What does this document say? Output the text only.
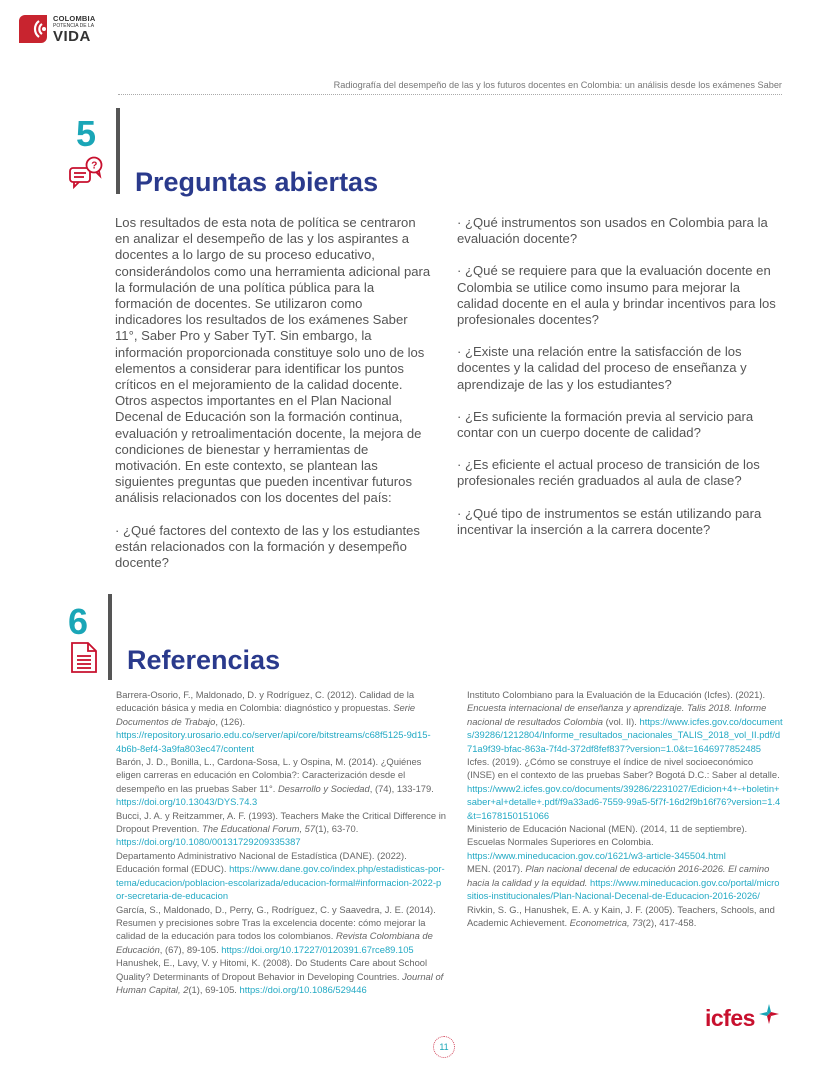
COLOMBIA
POTENCIA DE LA
VIDA
Radiografía del desempeño de las y los futuros docentes en Colombia: un análisis desde los exámenes Saber
5
?
Preguntas abiertas

Los resultados de esta nota de política se centraron en analizar el desempeño de las y los aspirantes a docentes a lo largo de su proceso educativo, considerándolos como una herramienta adicional para la formulación de una política pública para la formación de docentes. Se utilizaron como indicadores los resultados de los exámenes Saber 11°, Saber Pro y Saber TyT. Sin embargo, la información proporcionada constituye solo uno de los elementos a considerar para identificar los puntos críticos en el mejoramiento de la calidad docente. Otros aspectos importantes en el Plan Nacional Decenal de Educación son la formación continua, evaluación y retroalimentación docente, la mejora de condiciones de bienestar y herramientas de motivación. En este contexto, se plantean las siguientes preguntas que pueden incentivar futuros análisis relacionados con los docentes del país:

· ¿Qué factores del contexto de las y los estudiantes están relacionados con la formación y desempeño docente?

· ¿Qué instrumentos son usados en Colombia para la evaluación docente?

· ¿Qué se requiere para que la evaluación docente en Colombia se utilice como insumo para mejorar la calidad docente en el aula y brindar incentivos para los profesionales docentes?

· ¿Existe una relación entre la satisfacción de los docentes y la calidad del proceso de enseñanza y aprendizaje de las y los estudiantes?

· ¿Es suficiente la formación previa al servicio para contar con un cuerpo docente de calidad?

· ¿Es eficiente el actual proceso de transición de los profesionales recién graduados al aula de clase?

· ¿Qué tipo de instrumentos se están utilizando para incentivar la inserción a la carrera docente?

6
Referencias

Barrera-Osorio, F., Maldonado, D. y Rodríguez, C. (2012). Calidad de la educación básica y media en Colombia: diagnóstico y propuestas. Serie Documentos de Trabajo, (126). https://repository.urosario.edu.co/server/api/core/bitstreams/c68f5125-9d15-4b6b-8ef4-3a9fa803ec47/content

Barón, J. D., Bonilla, L., Cardona-Sosa, L. y Ospina, M. (2014). ¿Quiénes eligen carreras en educación en Colombia?: Caracterización desde el desempeño en las pruebas Saber 11°. Desarrollo y Sociedad, (74), 133-179. https://doi.org/10.13043/DYS.74.3

Bucci, J. A. y Reitzammer, A. F. (1993). Teachers Make the Critical Difference in Dropout Prevention. The Educational Forum, 57(1), 63-70. https://doi.org/10.1080/00131729209335387

Departamento Administrativo Nacional de Estadística (DANE). (2022). Educación formal (EDUC). https://www.dane.gov.co/index.php/estadisticas-por-tema/educacion/poblacion-escolarizada/educacion-formal#informacion-2022-por-secretaria-de-educacion

García, S., Maldonado, D., Perry, G., Rodríguez, C. y Saavedra, J. E. (2014). Resumen y precisiones sobre Tras la excelencia docente: cómo mejorar la calidad de la educación para todos los colombianos. Revista Colombiana de Educación, (67), 89-105. https://doi.org/10.17227/0120391.67rce89.105

Hanushek, E., Lavy, V. y Hitomi, K. (2008). Do Students Care about School Quality? Determinants of Dropout Behavior in Developing Countries. Journal of Human Capital, 2(1), 69-105. https://doi.org/10.1086/529446

Instituto Colombiano para la Evaluación de la Educación (Icfes). (2021). Encuesta internacional de enseñanza y aprendizaje. Talis 2018. Informe nacional de resultados Colombia (vol. II). https://www.icfes.gov.co/documents/39286/1212804/Informe_resultados_nacionales_TALIS_2018_vol_II.pdf/d71a9f39-bfac-863a-7f4d-372df8fef837?version=1.0&t=1646977852485

Icfes. (2019). ¿Cómo se construye el índice de nivel socioeconómico (INSE) en el contexto de las pruebas Saber? Bogotá D.C.: Saber al detalle. https://www2.icfes.gov.co/documents/39286/2231027/Edicion+4+-+boletin+saber+al+detalle+.pdf/f9a33ad6-7559-99a5-5f7f-16d2f9b16f76?version=1.4&t=1678150151066

Ministerio de Educación Nacional (MEN). (2014, 11 de septiembre). Escuelas Normales Superiores en Colombia. https://www.mineducacion.gov.co/1621/w3-article-345504.html

MEN. (2017). Plan nacional decenal de educación 2016-2026. El camino hacia la calidad y la equidad. https://www.mineducacion.gov.co/portal/micrositios-institucionales/Plan-Nacional-Decenal-de-Educacion-2016-2026/

Rivkin, S. G., Hanushek, E. A. y Kain, J. F. (2005). Teachers, Schools, and Academic Achievement. Econometrica, 73(2), 417-458.

11
icfes
